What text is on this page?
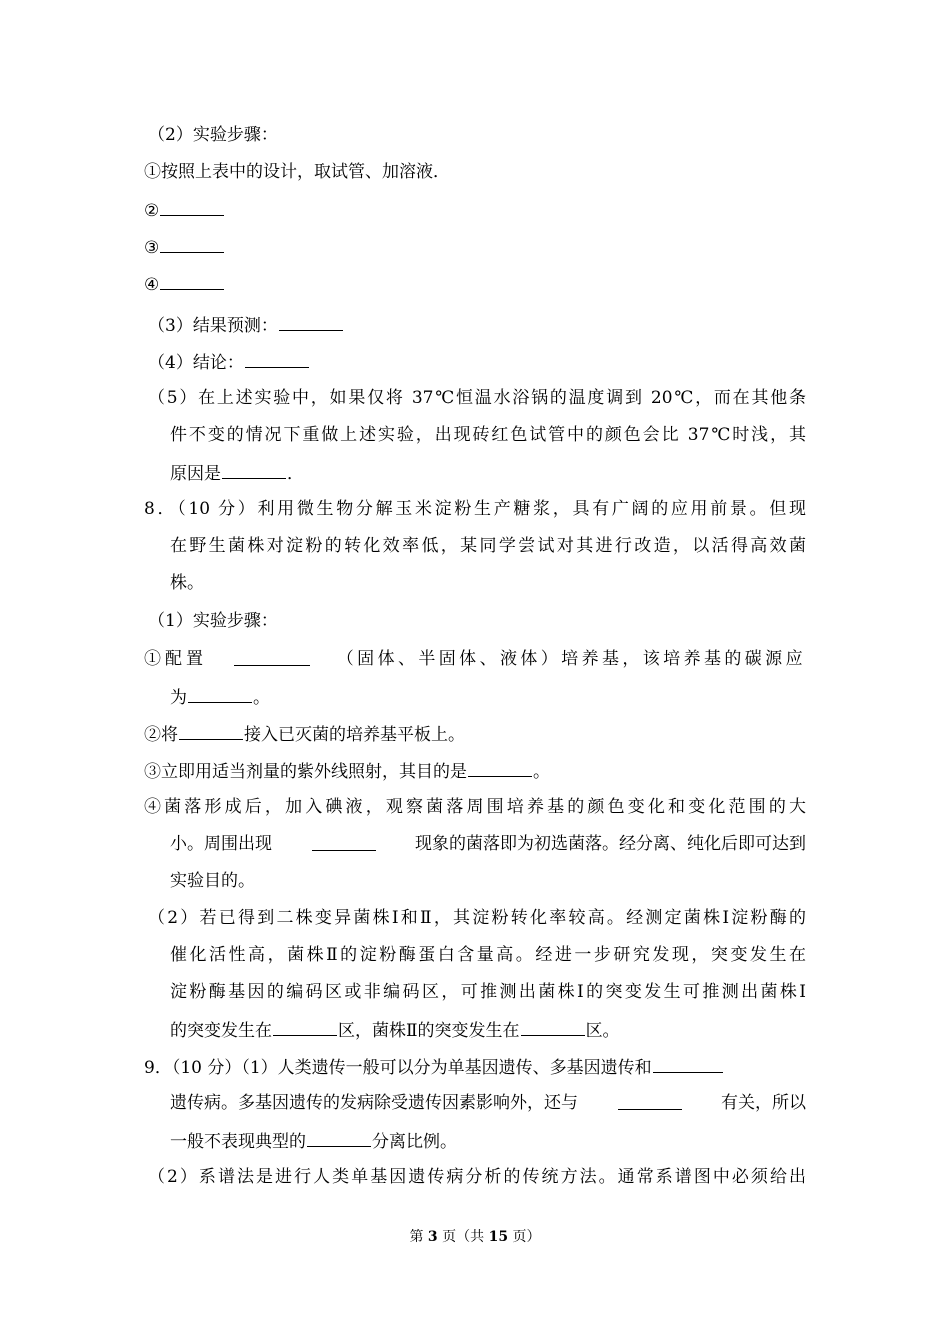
（2）实验步骤：
①按照上表中的设计，取试管、加溶液．
②
③
④
（3）结果预测：
（4）结论：
（5）在上述实验中，如果仅将 37℃恒温水浴锅的温度调到 20℃，而在其他条
件不变的情况下重做上述实验，出现砖红色试管中的颜色会比 37℃时浅，其
原因是	．
8．（10 分）利用微生物分解玉米淀粉生产糖浆，具有广阔的应用前景。但现
在野生菌株对淀粉的转化效率低，某同学尝试对其进行改造，以活得高效菌
株。
（1）实验步骤：
①配置	（固体、半固体、液体）培养基，该培养基的碳源应
为	。
②将	接入已灭菌的培养基平板上。
③立即用适当剂量的紫外线照射，其目的是	。
④菌落形成后，加入碘液，观察菌落周围培养基的颜色变化和变化范围的大
小。周围出现	现象的菌落即为初选菌落。经分离、纯化后即可达到
实验目的。
（2）若已得到二株变异菌株Ⅰ和Ⅱ，其淀粉转化率较高。经测定菌株Ⅰ淀粉酶的
催化活性高，菌株Ⅱ的淀粉酶蛋白含量高。经进一步研究发现，突变发生在
淀粉酶基因的编码区或非编码区，可推测出菌株Ⅰ的突变发生可推测出菌株Ⅰ
的突变发生在	区，菌株Ⅱ的突变发生在	区。
9．（10 分）（1）人类遗传一般可以分为单基因遗传、多基因遗传和
遗传病。多基因遗传的发病除受遗传因素影响外，还与	有关，所以
一般不表现典型的	分离比例。
（2）系谱法是进行人类单基因遗传病分析的传统方法。通常系谱图中必须给出
第 3 页（共 15 页）
